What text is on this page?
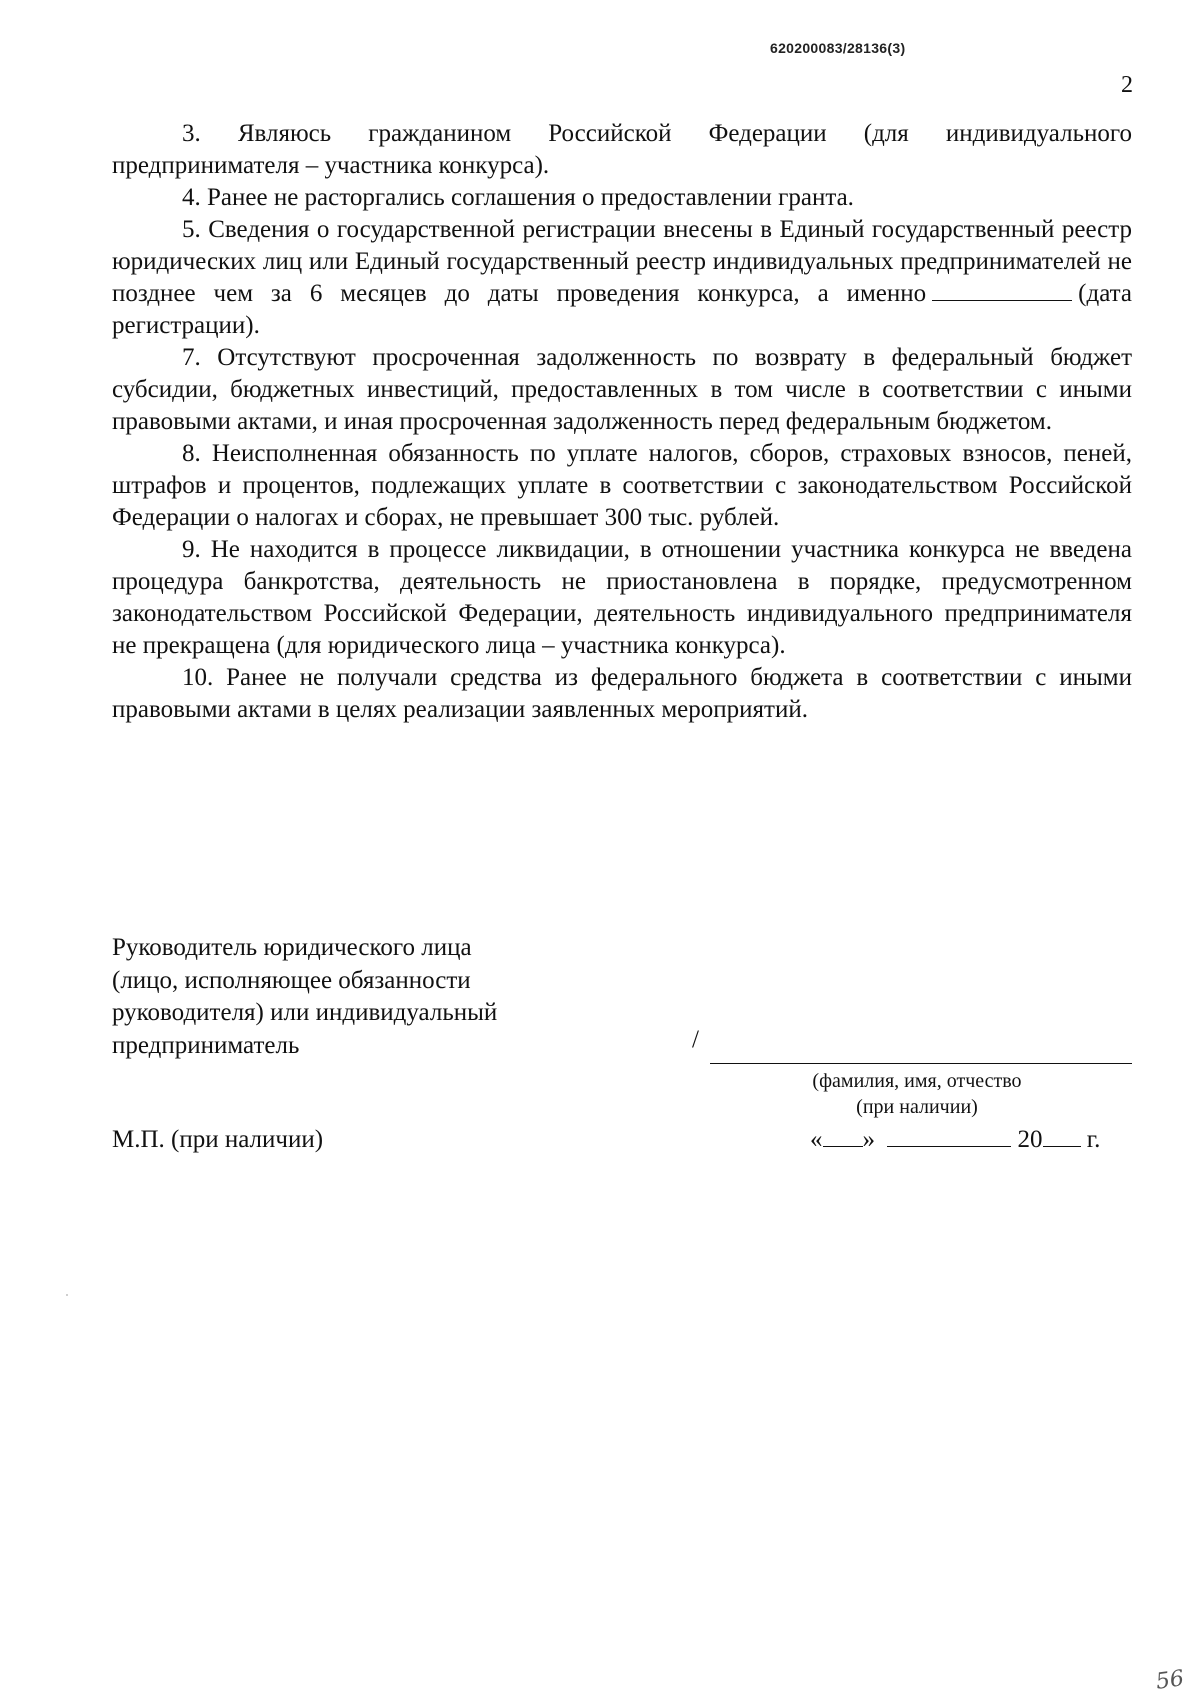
620200083/28136(3)
2

3. Являюсь гражданином Российской Федерации (для индивидуального предпринимателя – участника конкурса).

4. Ранее не расторгались соглашения о предоставлении гранта.

5. Сведения о государственной регистрации внесены в Единый государственный реестр юридических лиц или Единый государственный реестр индивидуальных предпринимателей не позднее чем за 6 месяцев до даты проведения конкурса, а именно	(дата регистрации).

7. Отсутствуют просроченная задолженность по возврату в федеральный бюджет субсидии, бюджетных инвестиций, предоставленных в том числе в соответствии с иными правовыми актами, и иная просроченная задолженность перед федеральным бюджетом.

8. Неисполненная обязанность по уплате налогов, сборов, страховых взносов, пеней, штрафов и процентов, подлежащих уплате в соответствии с законодательством Российской Федерации о налогах и сборах, не превышает 300 тыс. рублей.

9. Не находится в процессе ликвидации, в отношении участника конкурса не введена процедура банкротства, деятельность не приостановлена в порядке, предусмотренном законодательством Российской Федерации, деятельность индивидуального предпринимателя не прекращена (для юридического лица – участника конкурса).

10. Ранее не получали средства из федерального бюджета в соответствии с иными правовыми актами в целях реализации заявленных мероприятий.

Руководитель юридического лица
(лицо, исполняющее обязанности
руководителя) или индивидуальный
предприниматель	/
(фамилия, имя, отчество
(при наличии)
М.П. (при наличии)	« »	20 г.
56
